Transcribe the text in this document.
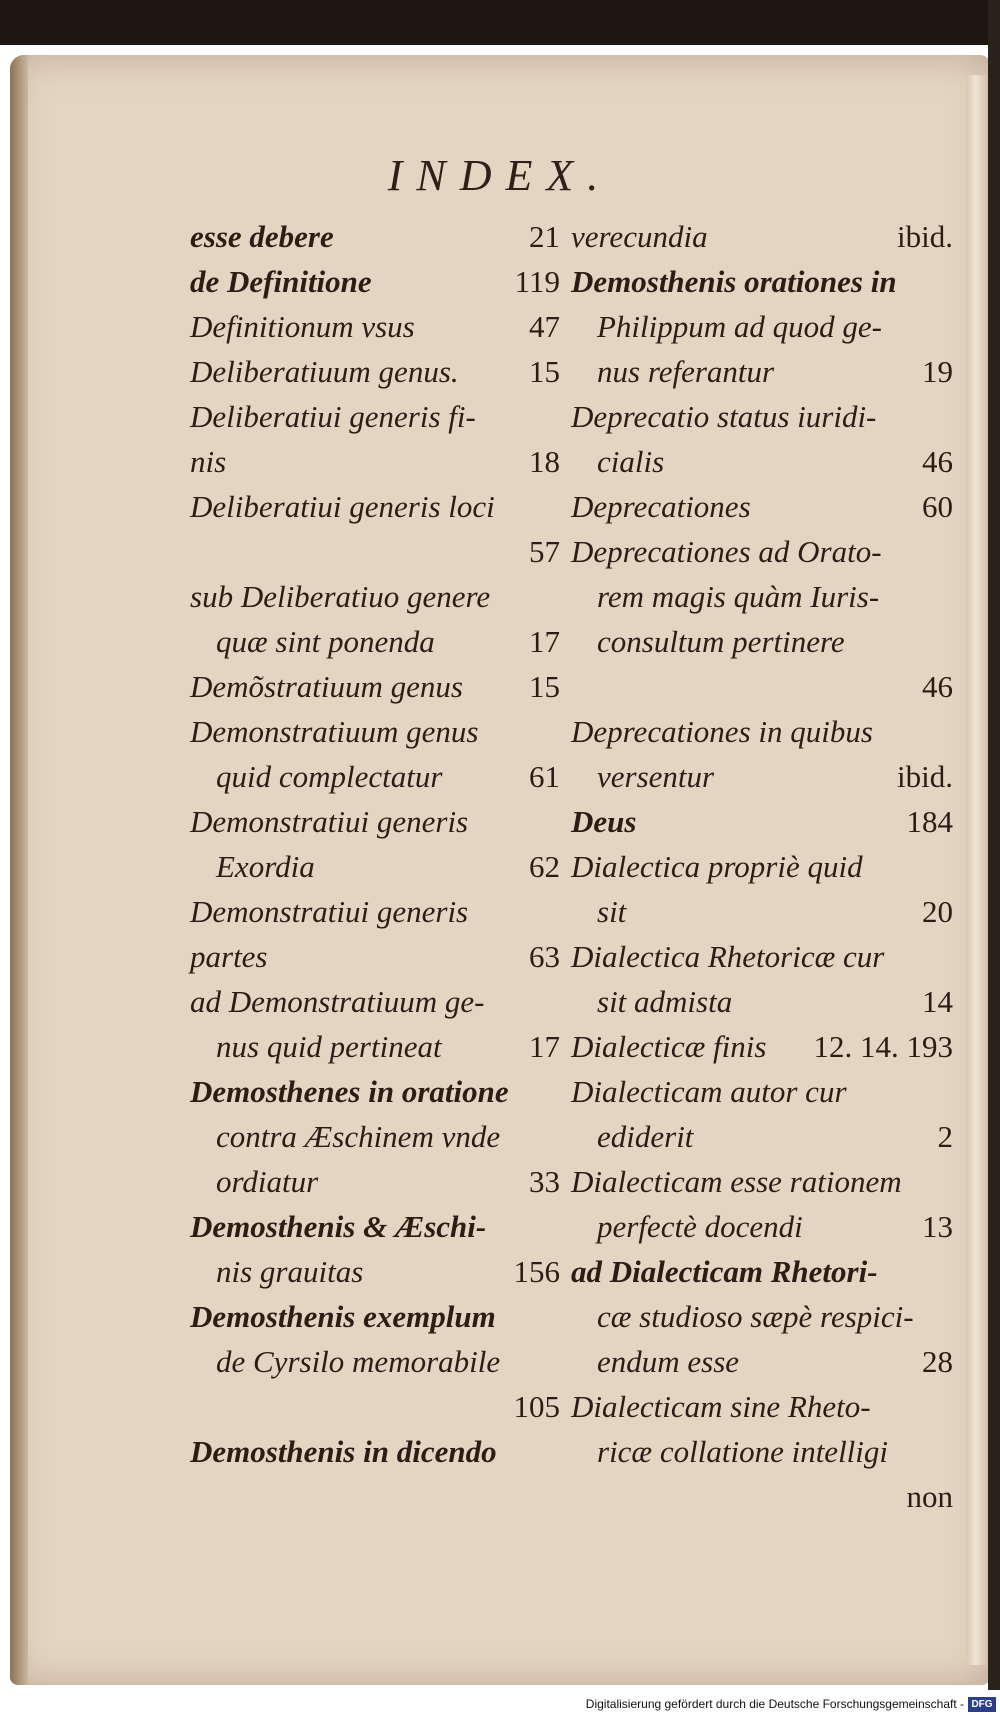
INDEX.
esse debere	21
de Definitione	119
Definitionum vsus	47
Deliberatiuum genus. 15
Deliberatiui generis fi-
nis	18
Deliberatiui generis loci
57
sub Deliberatiuo genere
quæ sint ponenda	17
Demõstratiuum genus 15
Demonstratiuum genus
quid complectatur	61
Demonstratiui generis
Exordia	62
Demonstratiui generis
partes	63
ad Demonstratiuum ge-
nus quid pertineat	17
Demosthenes in oratione
contra Æschinem vnde
ordiatur	33
Demosthenis & Æschi-
nis grauitas	156
Demosthenis exemplum
de Cyrsilo memorabile
105
Demosthenis in dicendo
verecundia	ibid.
Demosthenis orationes in
Philippum ad quod ge-
nus referantur	19
Deprecatio status iuridi-
cialis	46
Deprecationes	60
Deprecationes ad Orato-
rem magis quàm Iuris-
consultum pertinere
46
Deprecationes in quibus
versentur	ibid.
Deus	184
Dialectica propriè quid
sit	20
Dialectica Rhetoricæ cur
sit admista	14
Dialecticæ finis 12. 14. 193
Dialecticam autor cur
ediderit	2
Dialecticam esse rationem
perfectè docendi	13
ad Dialecticam Rhetori-
cæ studioso sæpè respici-
endum esse	28
Dialecticam sine Rheto-
ricæ collatione intelligi
non
Digitalisierung gefördert durch die Deutsche Forschungsgemeinschaft - DFG
